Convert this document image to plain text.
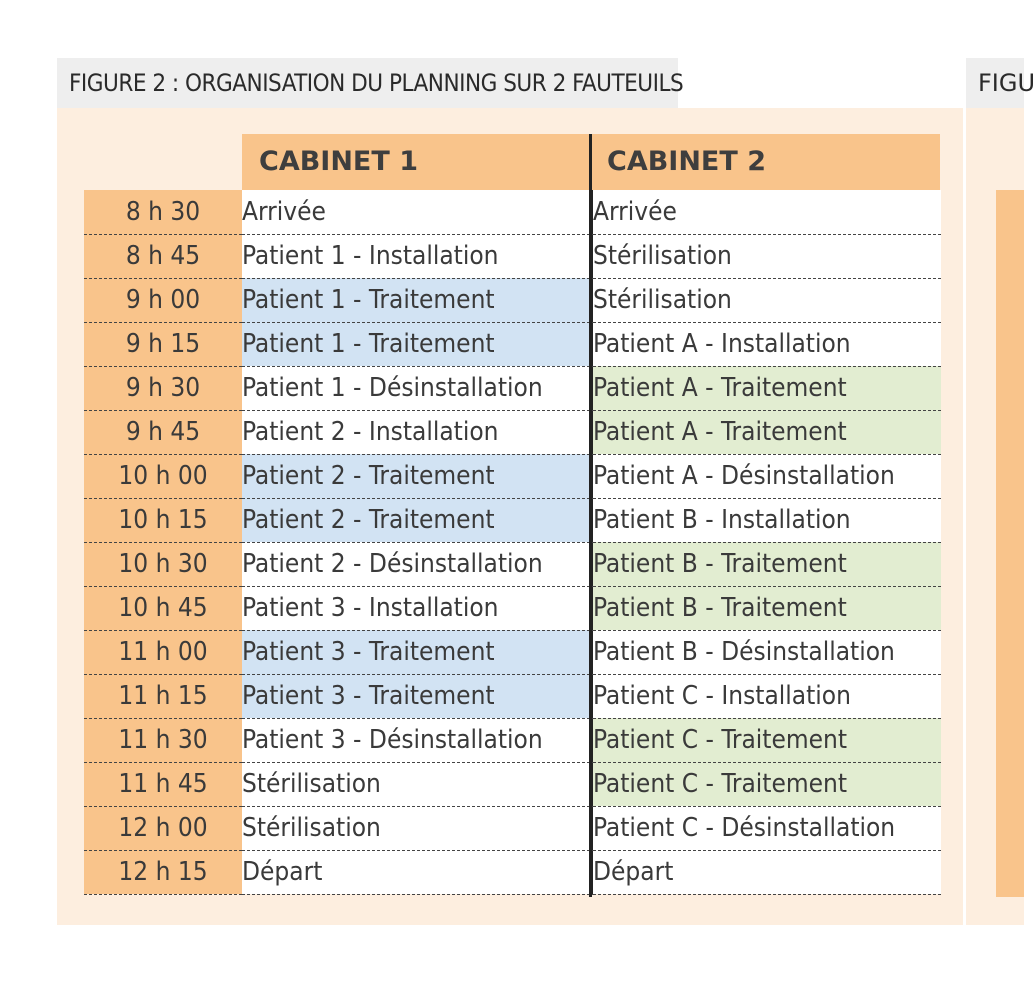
FIGURE 2 : ORGANISATION DU PLANNING SUR 2 FAUTEUILS	FIGU
CABINET 1	CABINET 2
8 h 30	Arrivée		Arrivée
8 h 45	Patient 1 - Installation		Stérilisation
9 h 00	Patient 1 - Traitement		Stérilisation
9 h 15	Patient 1 - Traitement		Patient A - Installation
9 h 30	Patient 1 - Désinstallation		Patient A - Traitement
9 h 45	Patient 2 - Installation		Patient A - Traitement
10 h 00	Patient 2 - Traitement		Patient A - Désinstallation
10 h 15	Patient 2 - Traitement		Patient B - Installation
10 h 30	Patient 2 - Désinstallation		Patient B - Traitement
10 h 45	Patient 3 - Installation		Patient B - Traitement
11 h 00	Patient 3 - Traitement		Patient B - Désinstallation
11 h 15	Patient 3 - Traitement		Patient C - Installation
11 h 30	Patient 3 - Désinstallation		Patient C - Traitement
11 h 45	Stérilisation		Patient C - Traitement
12 h 00	Stérilisation		Patient C - Désinstallation
12 h 15	Départ		Départ
